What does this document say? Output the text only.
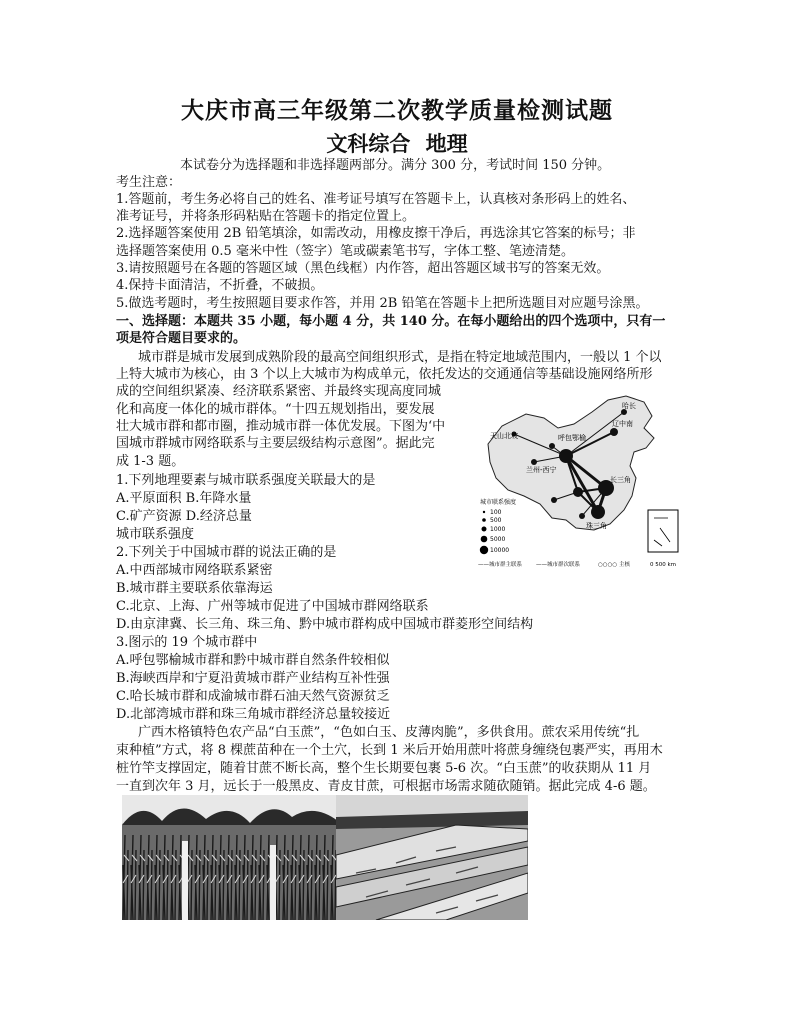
大庆市高三年级第二次教学质量检测试题
文科综合 地理
本试卷分为选择题和非选择题两部分。满分 300 分，考试时间 150 分钟。
考生注意：
1.答题前，考生务必将自己的姓名、准考证号填写在答题卡上，认真核对条形码上的姓名、
准考证号，并将条形码粘贴在答题卡的指定位置上。
2.选择题答案使用 2B 铅笔填涂，如需改动，用橡皮擦干净后，再选涂其它答案的标号；非
选择题答案使用 0.5 毫米中性（签字）笔或碳素笔书写，字体工整、笔迹清楚。
3.请按照题号在各题的答题区域（黑色线框）内作答，超出答题区域书写的答案无效。
4.保持卡面清洁，不折叠，不破损。
5.做选考题时，考生按照题目要求作答，并用 2B 铅笔在答题卡上把所选题目对应题号涂黑。
一、选择题：本题共 35 小题，每小题 4 分，共 140 分。在每小题给出的四个选项中，只有一
项是符合题目要求的。
城市群是城市发展到成熟阶段的最高空间组织形式，是指在特定地域范围内，一般以 1 个以
上特大城市为核心，由 3 个以上大城市为构成单元，依托发达的交通通信等基础设施网络所形
成的空间组织紧凑、经济联系紧密、并最终实现高度同城
化和高度一体化的城市群体。“十四五规划指出，要发展
壮大城市群和都市圈，推动城市群一体优发展。下图为‘中
国城市群城市网络联系与主要层级结构示意图”。据此完
成 1-3 题。
1.下列地理要素与城市联系强度关联最大的是
A.平原面积 B.年降水量
C.矿产资源 D.经济总量
城市联系强度
2.下列关于中国城市群的说法正确的是
A.中西部城市网络联系紧密
B.城市群主要联系依靠海运
C.北京、上海、广州等城市促进了中国城市群网络联系
D.由京津冀、长三角、珠三角、黔中城市群构成中国城市群菱形空间结构
3.图示的 19 个城市群中
A.呼包鄂榆城市群和黔中城市群自然条件较相似
B.海峡西岸和宁夏沿黄城市群产业结构互补性强
C.哈长城市群和成渝城市群石油天然气资源贫乏
D.北部湾城市群和珠三角城市群经济总量较接近
广西木格镇特色农产品“白玉蔗”，“色如白玉、皮薄肉脆”，多供食用。蔗农采用传统“扎
束种植”方式，将 8 棵蔗苗种在一个土穴，长到 1 米后开始用蔗叶将蔗身缠绕包裹严实，再用木
桩竹竿支撑固定，随着甘蔗不断长高，整个生长期要包裹 5-6 次。“白玉蔗”的收获期从 11 月
一直到次年 3 月，远长于一般黑皮、青皮甘蔗，可根据市场需求随砍随销。据此完成 4-6 题。
天山北坡
哈长
辽中南
呼包鄂榆
兰州-西宁
长三角
珠三角
城市联系强度
100
500
1000
5000
10000
——城市群主联系	——城市群次联系	○○○○ 主核	0 500 km
